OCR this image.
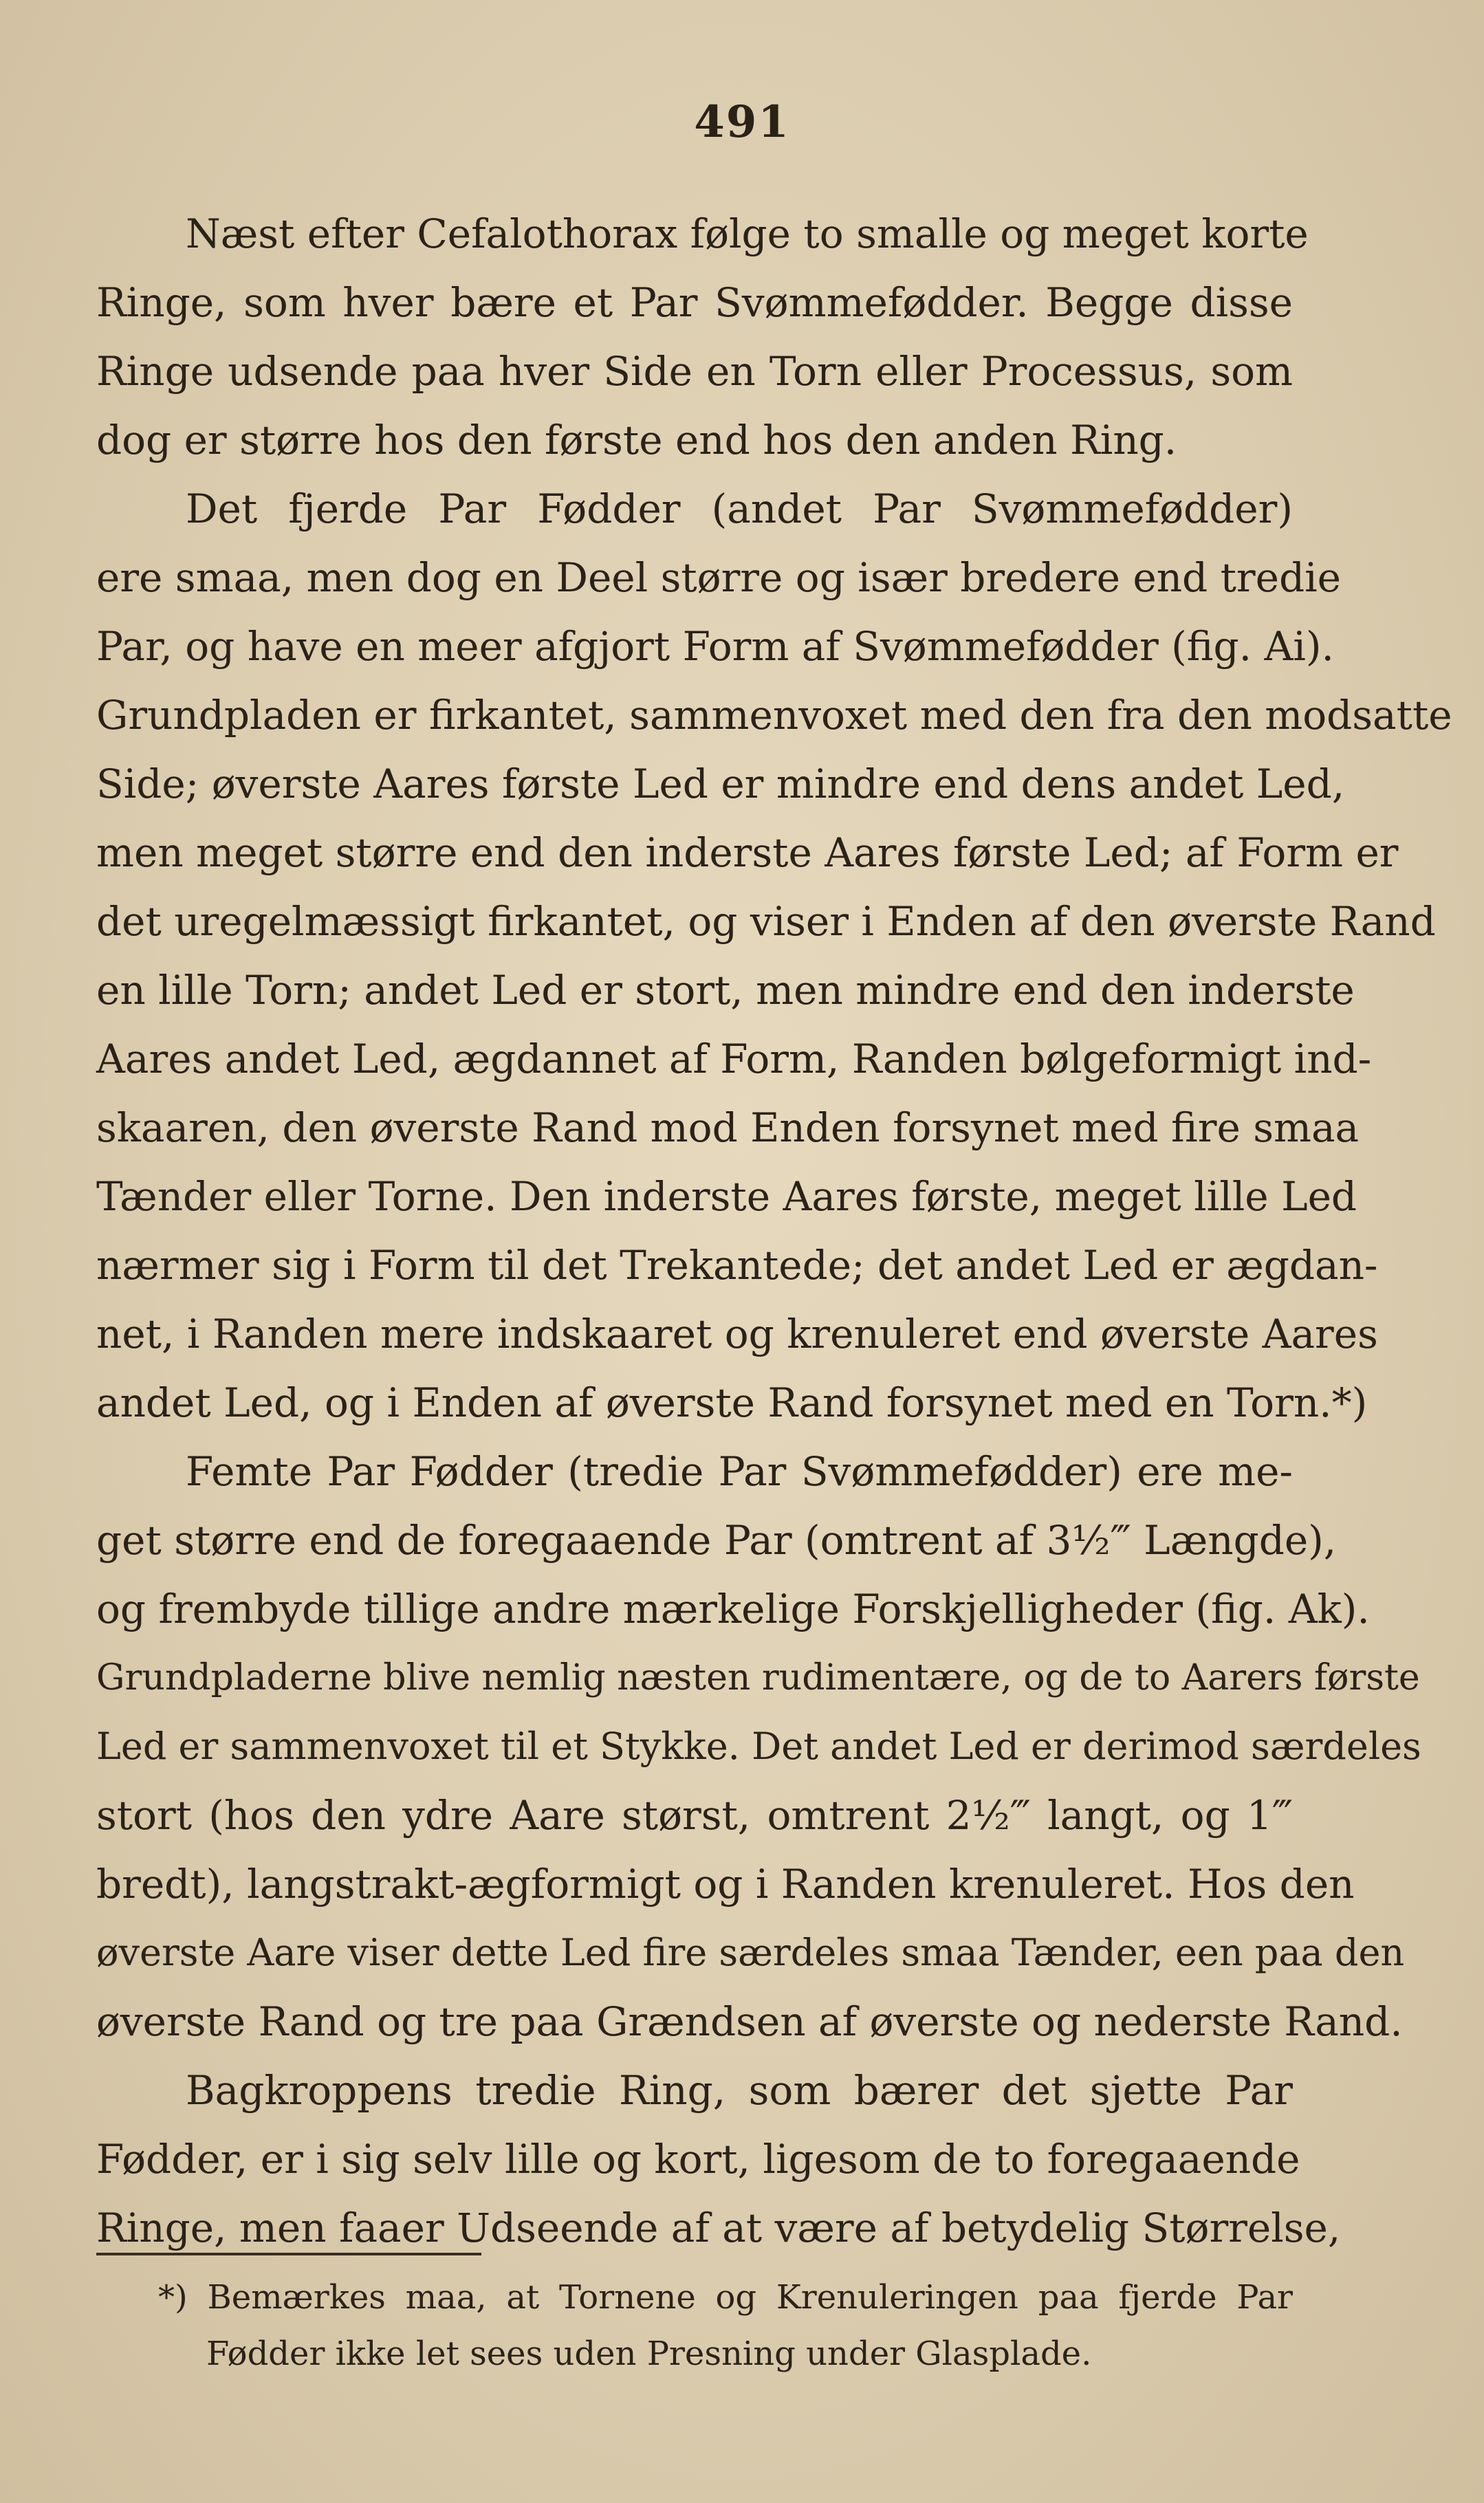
491
Næst efter Cefalothorax følge to smalle og meget korte
Ringe, som hver bære et Par Svømmefødder. Begge disse
Ringe udsende paa hver Side en Torn eller Processus, som
dog er større hos den første end hos den anden Ring.
Det fjerde Par Fødder (andet Par Svømmefødder)
ere smaa, men dog en Deel større og især bredere end tredie
Par, og have en meer afgjort Form af Svømmefødder (fig. Ai).
Grundpladen er firkantet, sammenvoxet med den fra den modsatte
Side; øverste Aares første Led er mindre end dens andet Led,
men meget større end den inderste Aares første Led; af Form er
det uregelmæssigt firkantet, og viser i Enden af den øverste Rand
en lille Torn; andet Led er stort, men mindre end den inderste
Aares andet Led, ægdannet af Form, Randen bølgeformigt ind-
skaaren, den øverste Rand mod Enden forsynet med fire smaa
Tænder eller Torne. Den inderste Aares første, meget lille Led
nærmer sig i Form til det Trekantede; det andet Led er ægdan-
net, i Randen mere indskaaret og krenuleret end øverste Aares
andet Led, og i Enden af øverste Rand forsynet med en Torn.*)
Femte Par Fødder (tredie Par Svømmefødder) ere me-
get større end de foregaaende Par (omtrent af 3½‴ Længde),
og frembyde tillige andre mærkelige Forskjelligheder (fig. Ak).
Grundpladerne blive nemlig næsten rudimentære, og de to Aarers første
Led er sammenvoxet til et Stykke. Det andet Led er derimod særdeles
stort (hos den ydre Aare størst, omtrent 2½‴ langt, og 1‴
bredt), langstrakt-ægformigt og i Randen krenuleret. Hos den
øverste Aare viser dette Led fire særdeles smaa Tænder, een paa den
øverste Rand og tre paa Grændsen af øverste og nederste Rand.
Bagkroppens tredie Ring, som bærer det sjette Par
Fødder, er i sig selv lille og kort, ligesom de to foregaaende
Ringe, men faaer Udseende af at være af betydelig Størrelse,
*) Bemærkes maa, at Tornene og Krenuleringen paa fjerde Par
Fødder ikke let sees uden Presning under Glasplade.
